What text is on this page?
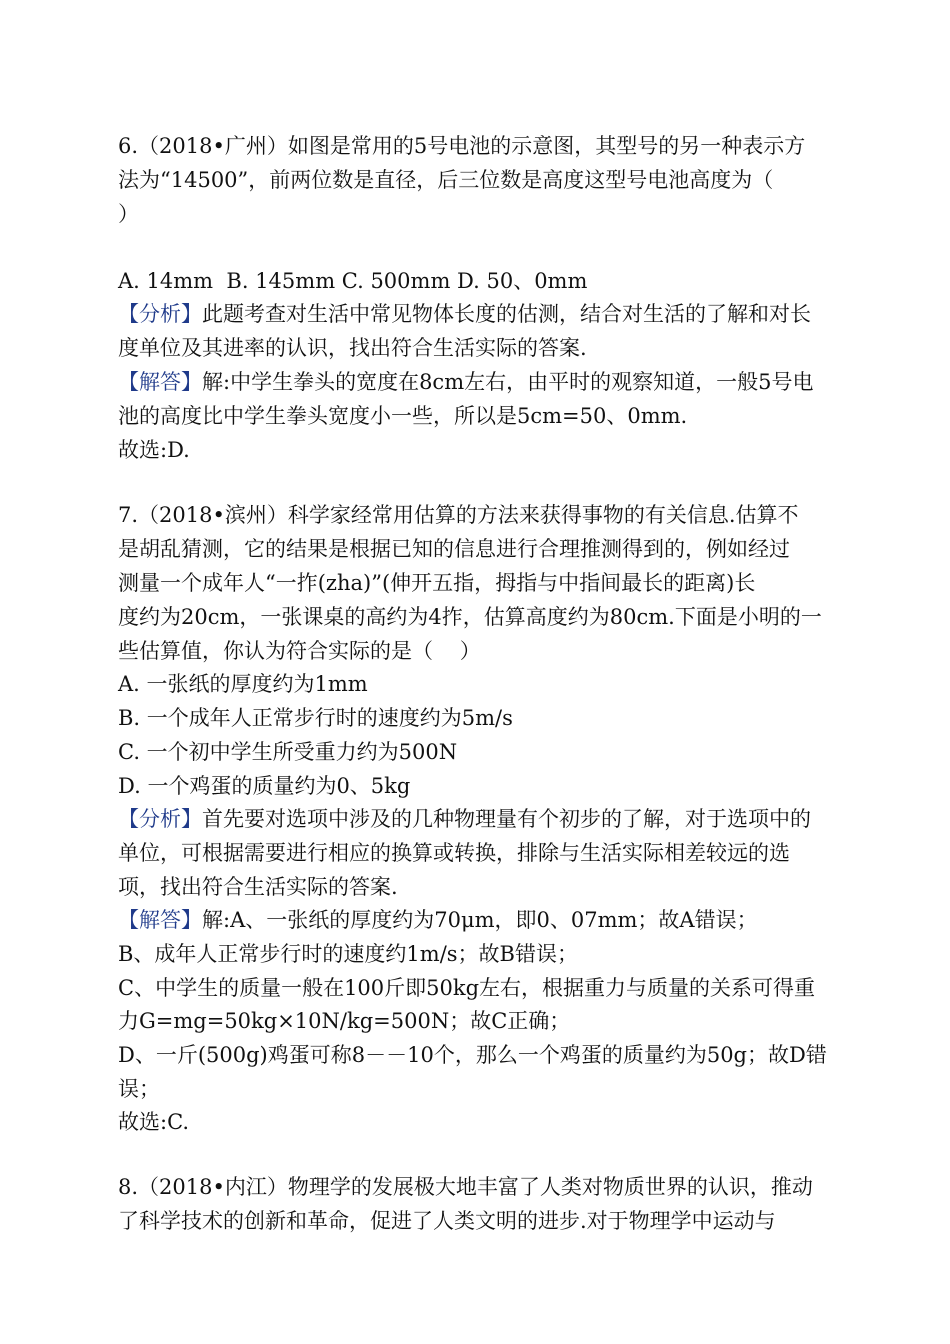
6.（2018•广州）如图是常用的5号电池的示意图，其型号的另一种表示方
法为“14500”，前两位数是直径，后三位数是高度这型号电池高度为（
）
A. 14mm  B. 145mm C. 500mm D. 50、0mm
【分析】此题考查对生活中常见物体长度的估测，结合对生活的了解和对长
度单位及其进率的认识，找出符合生活实际的答案.
【解答】解:中学生拳头的宽度在8cm左右，由平时的观察知道，一般5号电
池的高度比中学生拳头宽度小一些，所以是5cm=50、0mm.
故选:D.
7.（2018•滨州）科学家经常用估算的方法来获得事物的有关信息.估算不
是胡乱猜测，它的结果是根据已知的信息进行合理推测得到的，例如经过
测量一个成年人“一拃(zha)”(伸开五指，拇指与中指间最长的距离)长
度约为20cm，一张课桌的高约为4拃，估算高度约为80cm.下面是小明的一
些估算值，你认为符合实际的是（    ）
A. 一张纸的厚度约为1mm
B. 一个成年人正常步行时的速度约为5m/s
C. 一个初中学生所受重力约为500N
D. 一个鸡蛋的质量约为0、5kg
【分析】首先要对选项中涉及的几种物理量有个初步的了解，对于选项中的
单位，可根据需要进行相应的换算或转换，排除与生活实际相差较远的选
项，找出符合生活实际的答案.
【解答】解:A、一张纸的厚度约为70μm，即0、07mm；故A错误；
B、成年人正常步行时的速度约1m/s；故B错误；
C、中学生的质量一般在100斤即50kg左右，根据重力与质量的关系可得重
力G=mg=50kg×10N/kg=500N；故C正确；
D、一斤(500g)鸡蛋可称8－－10个，那么一个鸡蛋的质量约为50g；故D错
误；
故选:C.
8.（2018•内江）物理学的发展极大地丰富了人类对物质世界的认识，推动
了科学技术的创新和革命，促进了人类文明的进步.对于物理学中运动与
